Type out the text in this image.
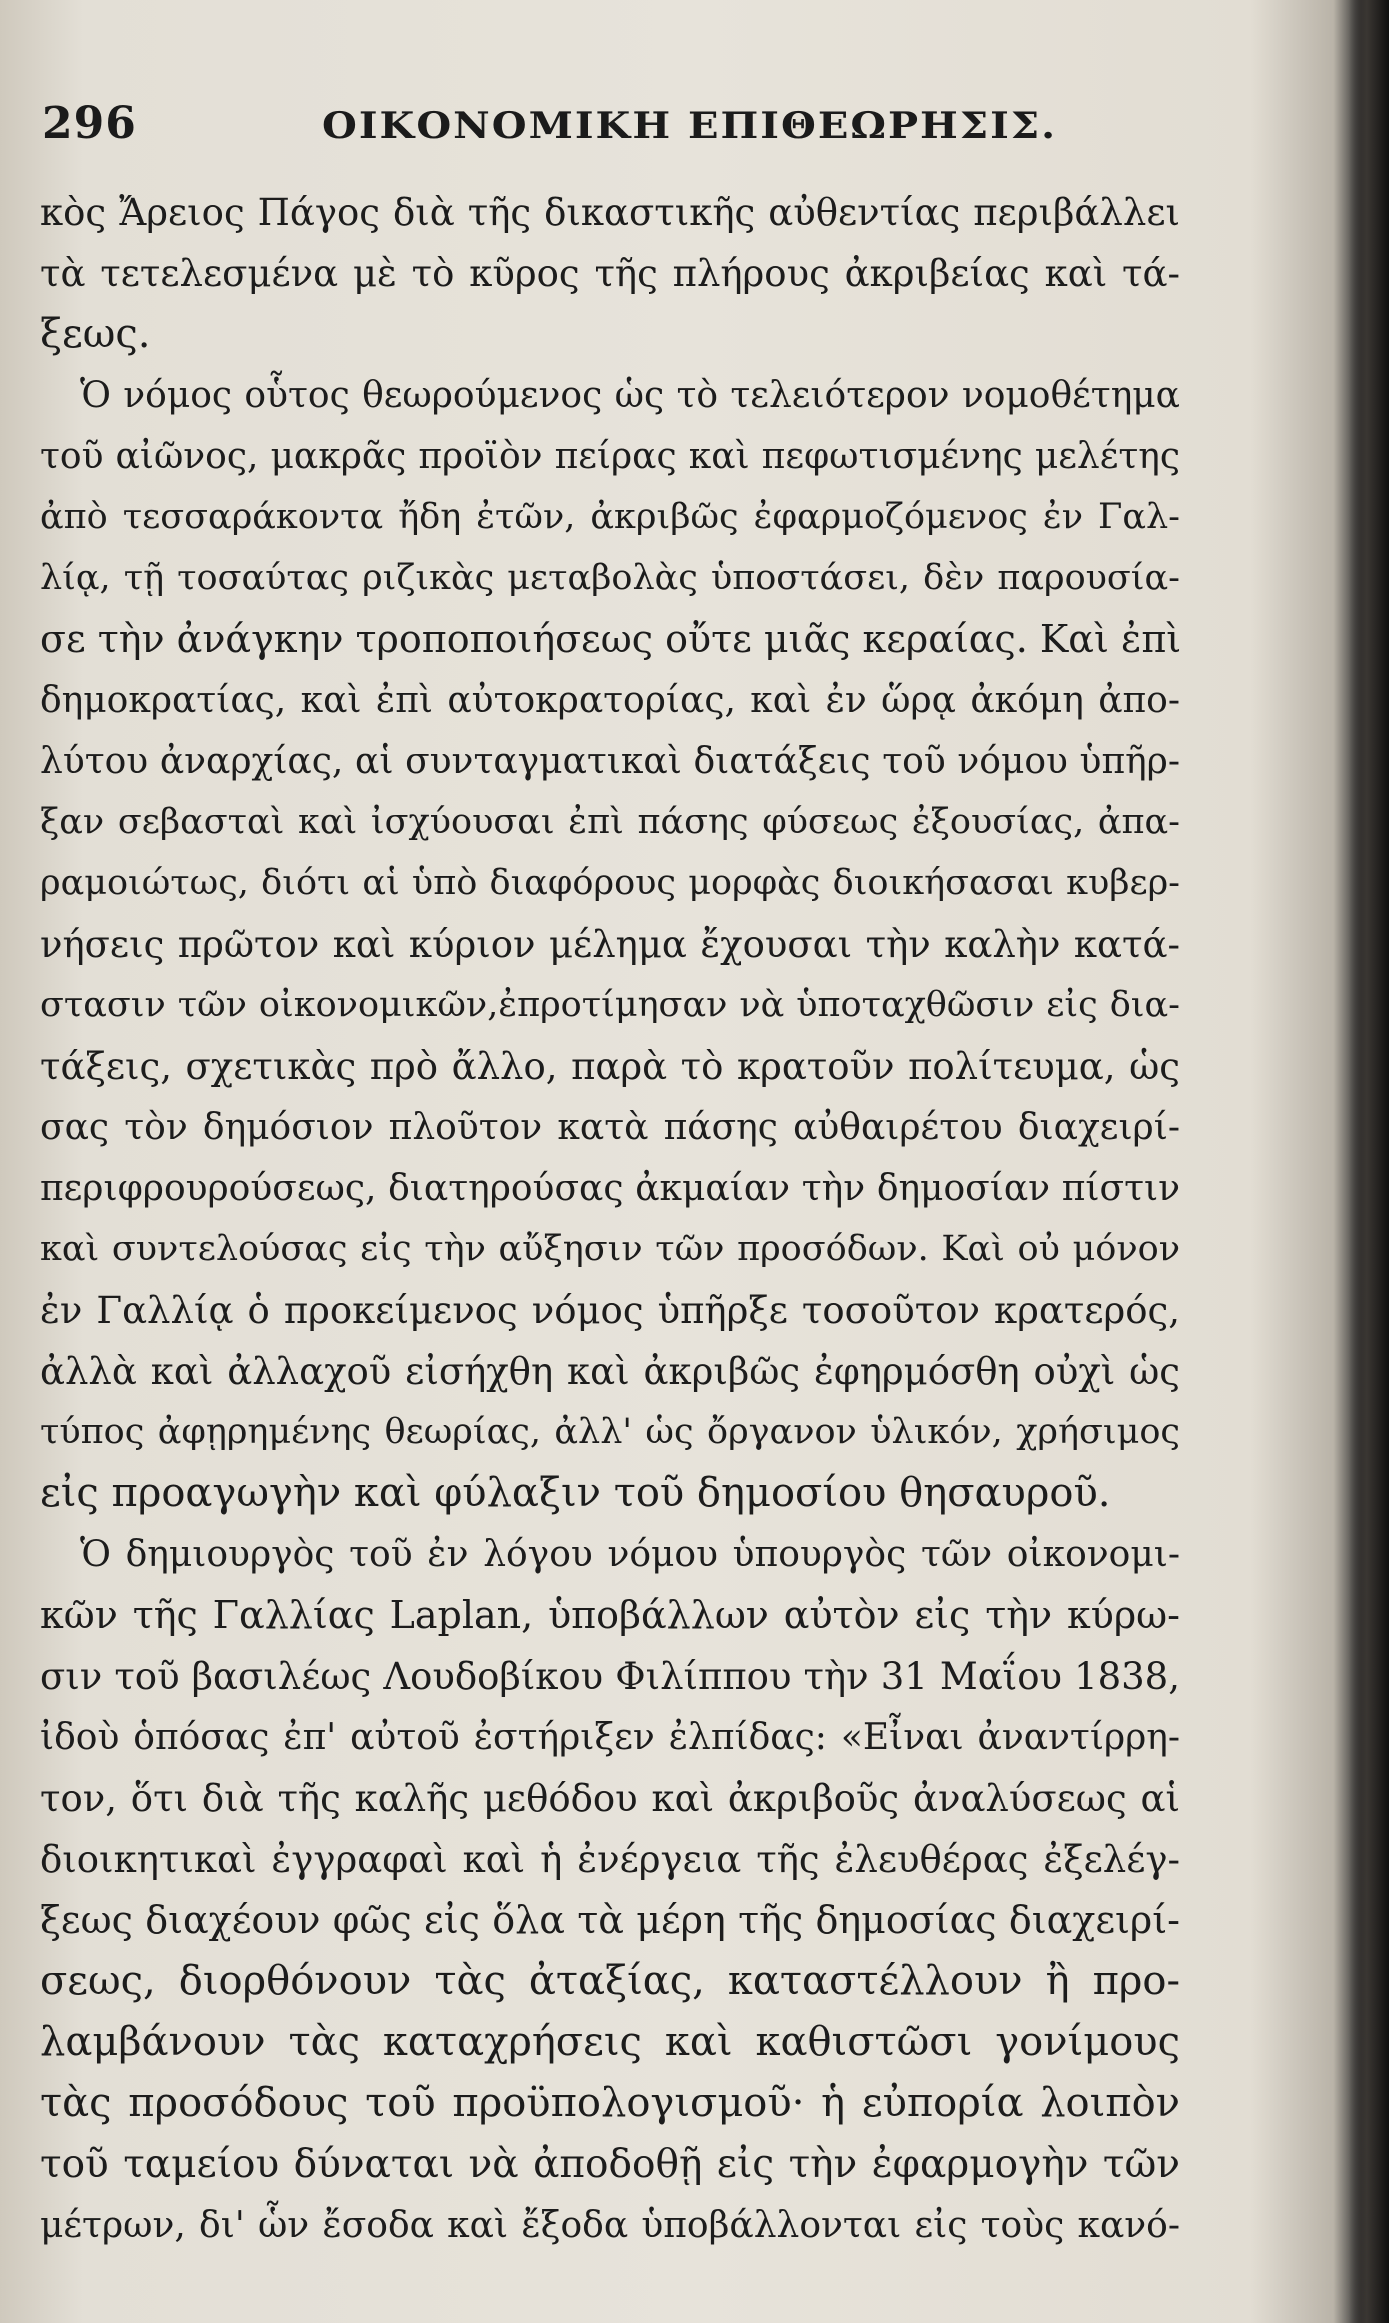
296	ΟΙΚΟΝΟΜΙΚΗ ΕΠΙΘΕΩΡΗΣΙΣ.
κὸς Ἄρειος Πάγος διὰ τῆς δικαστικῆς αὐθεντίας περιβάλλει
τὰ τετελεσμένα μὲ τὸ κῦρος τῆς πλήρους ἀκριβείας καὶ τά-
ξεως.
Ὁ νόμος οὗτος θεωρούμενος ὡς τὸ τελειότερον νομοθέτημα
τοῦ αἰῶνος, μακρᾶς προϊὸν πείρας καὶ πεφωτισμένης μελέτης
ἀπὸ τεσσαράκοντα ἤδη ἐτῶν, ἀκριβῶς ἐφαρμοζόμενος ἐν Γαλ-
λίᾳ, τῇ τοσαύτας ριζικὰς μεταβολὰς ὑποστάσει, δὲν παρουσία-
σε τὴν ἀνάγκην τροποποιήσεως οὔτε μιᾶς κεραίας. Καὶ ἐπὶ
δημοκρατίας, καὶ ἐπὶ αὐτοκρατορίας, καὶ ἐν ὥρᾳ ἀκόμη ἀπο-
λύτου ἀναρχίας, αἱ συνταγματικαὶ διατάξεις τοῦ νόμου ὑπῆρ-
ξαν σεβασταὶ καὶ ἰσχύουσαι ἐπὶ πάσης φύσεως ἐξουσίας, ἀπα-
ραμοιώτως, διότι αἱ ὑπὸ διαφόρους μορφὰς διοικήσασαι κυβερ-
νήσεις πρῶτον καὶ κύριον μέλημα ἔχουσαι τὴν καλὴν κατά-
στασιν τῶν οἰκονομικῶν,ἐπροτίμησαν νὰ ὑποταχθῶσιν εἰς δια-
τάξεις, σχετικὰς πρὸ ἄλλο, παρὰ τὸ κρατοῦν πολίτευμα, ὡς
σας τὸν δημόσιον πλοῦτον κατὰ πάσης αὐθαιρέτου διαχειρί-
περιφρουρούσεως, διατηρούσας ἀκμαίαν τὴν δημοσίαν πίστιν
καὶ συντελούσας εἰς τὴν αὔξησιν τῶν προσόδων. Καὶ οὐ μόνον
ἐν Γαλλίᾳ ὁ προκείμενος νόμος ὑπῆρξε τοσοῦτον κρατερός,
ἀλλὰ καὶ ἀλλαχοῦ εἰσήχθη καὶ ἀκριβῶς ἐφηρμόσθη οὐχὶ ὡς
τύπος ἀφῃρημένης θεωρίας, ἀλλ' ὡς ὄργανον ὑλικόν, χρήσιμος
εἰς προαγωγὴν καὶ φύλαξιν τοῦ δημοσίου θησαυροῦ.
Ὁ δημιουργὸς τοῦ ἐν λόγου νόμου ὑπουργὸς τῶν οἰκονομι-
κῶν τῆς Γαλλίας Laplan, ὑποβάλλων αὐτὸν εἰς τὴν κύρω-
σιν τοῦ βασιλέως Λουδοβίκου Φιλίππου τὴν 31 Μαΐου 1838,
ἰδοὺ ὁπόσας ἐπ' αὐτοῦ ἐστήριξεν ἐλπίδας: «Εἶναι ἀναντίρρη-
τον, ὅτι διὰ τῆς καλῆς μεθόδου καὶ ἀκριβοῦς ἀναλύσεως αἱ
διοικητικαὶ ἐγγραφαὶ καὶ ἡ ἐνέργεια τῆς ἐλευθέρας ἐξελέγ-
ξεως διαχέουν φῶς εἰς ὅλα τὰ μέρη τῆς δημοσίας διαχειρί-
σεως, διορθόνουν τὰς ἀταξίας, καταστέλλουν ἢ προ-
λαμβάνουν τὰς καταχρήσεις καὶ καθιστῶσι γονίμους
τὰς προσόδους τοῦ προϋπολογισμοῦ· ἡ εὐπορία λοιπὸν
τοῦ ταμείου δύναται νὰ ἀποδοθῇ εἰς τὴν ἐφαρμογὴν τῶν
μέτρων, δι' ὧν ἔσοδα καὶ ἔξοδα ὑποβάλλονται εἰς τοὺς κανό-
